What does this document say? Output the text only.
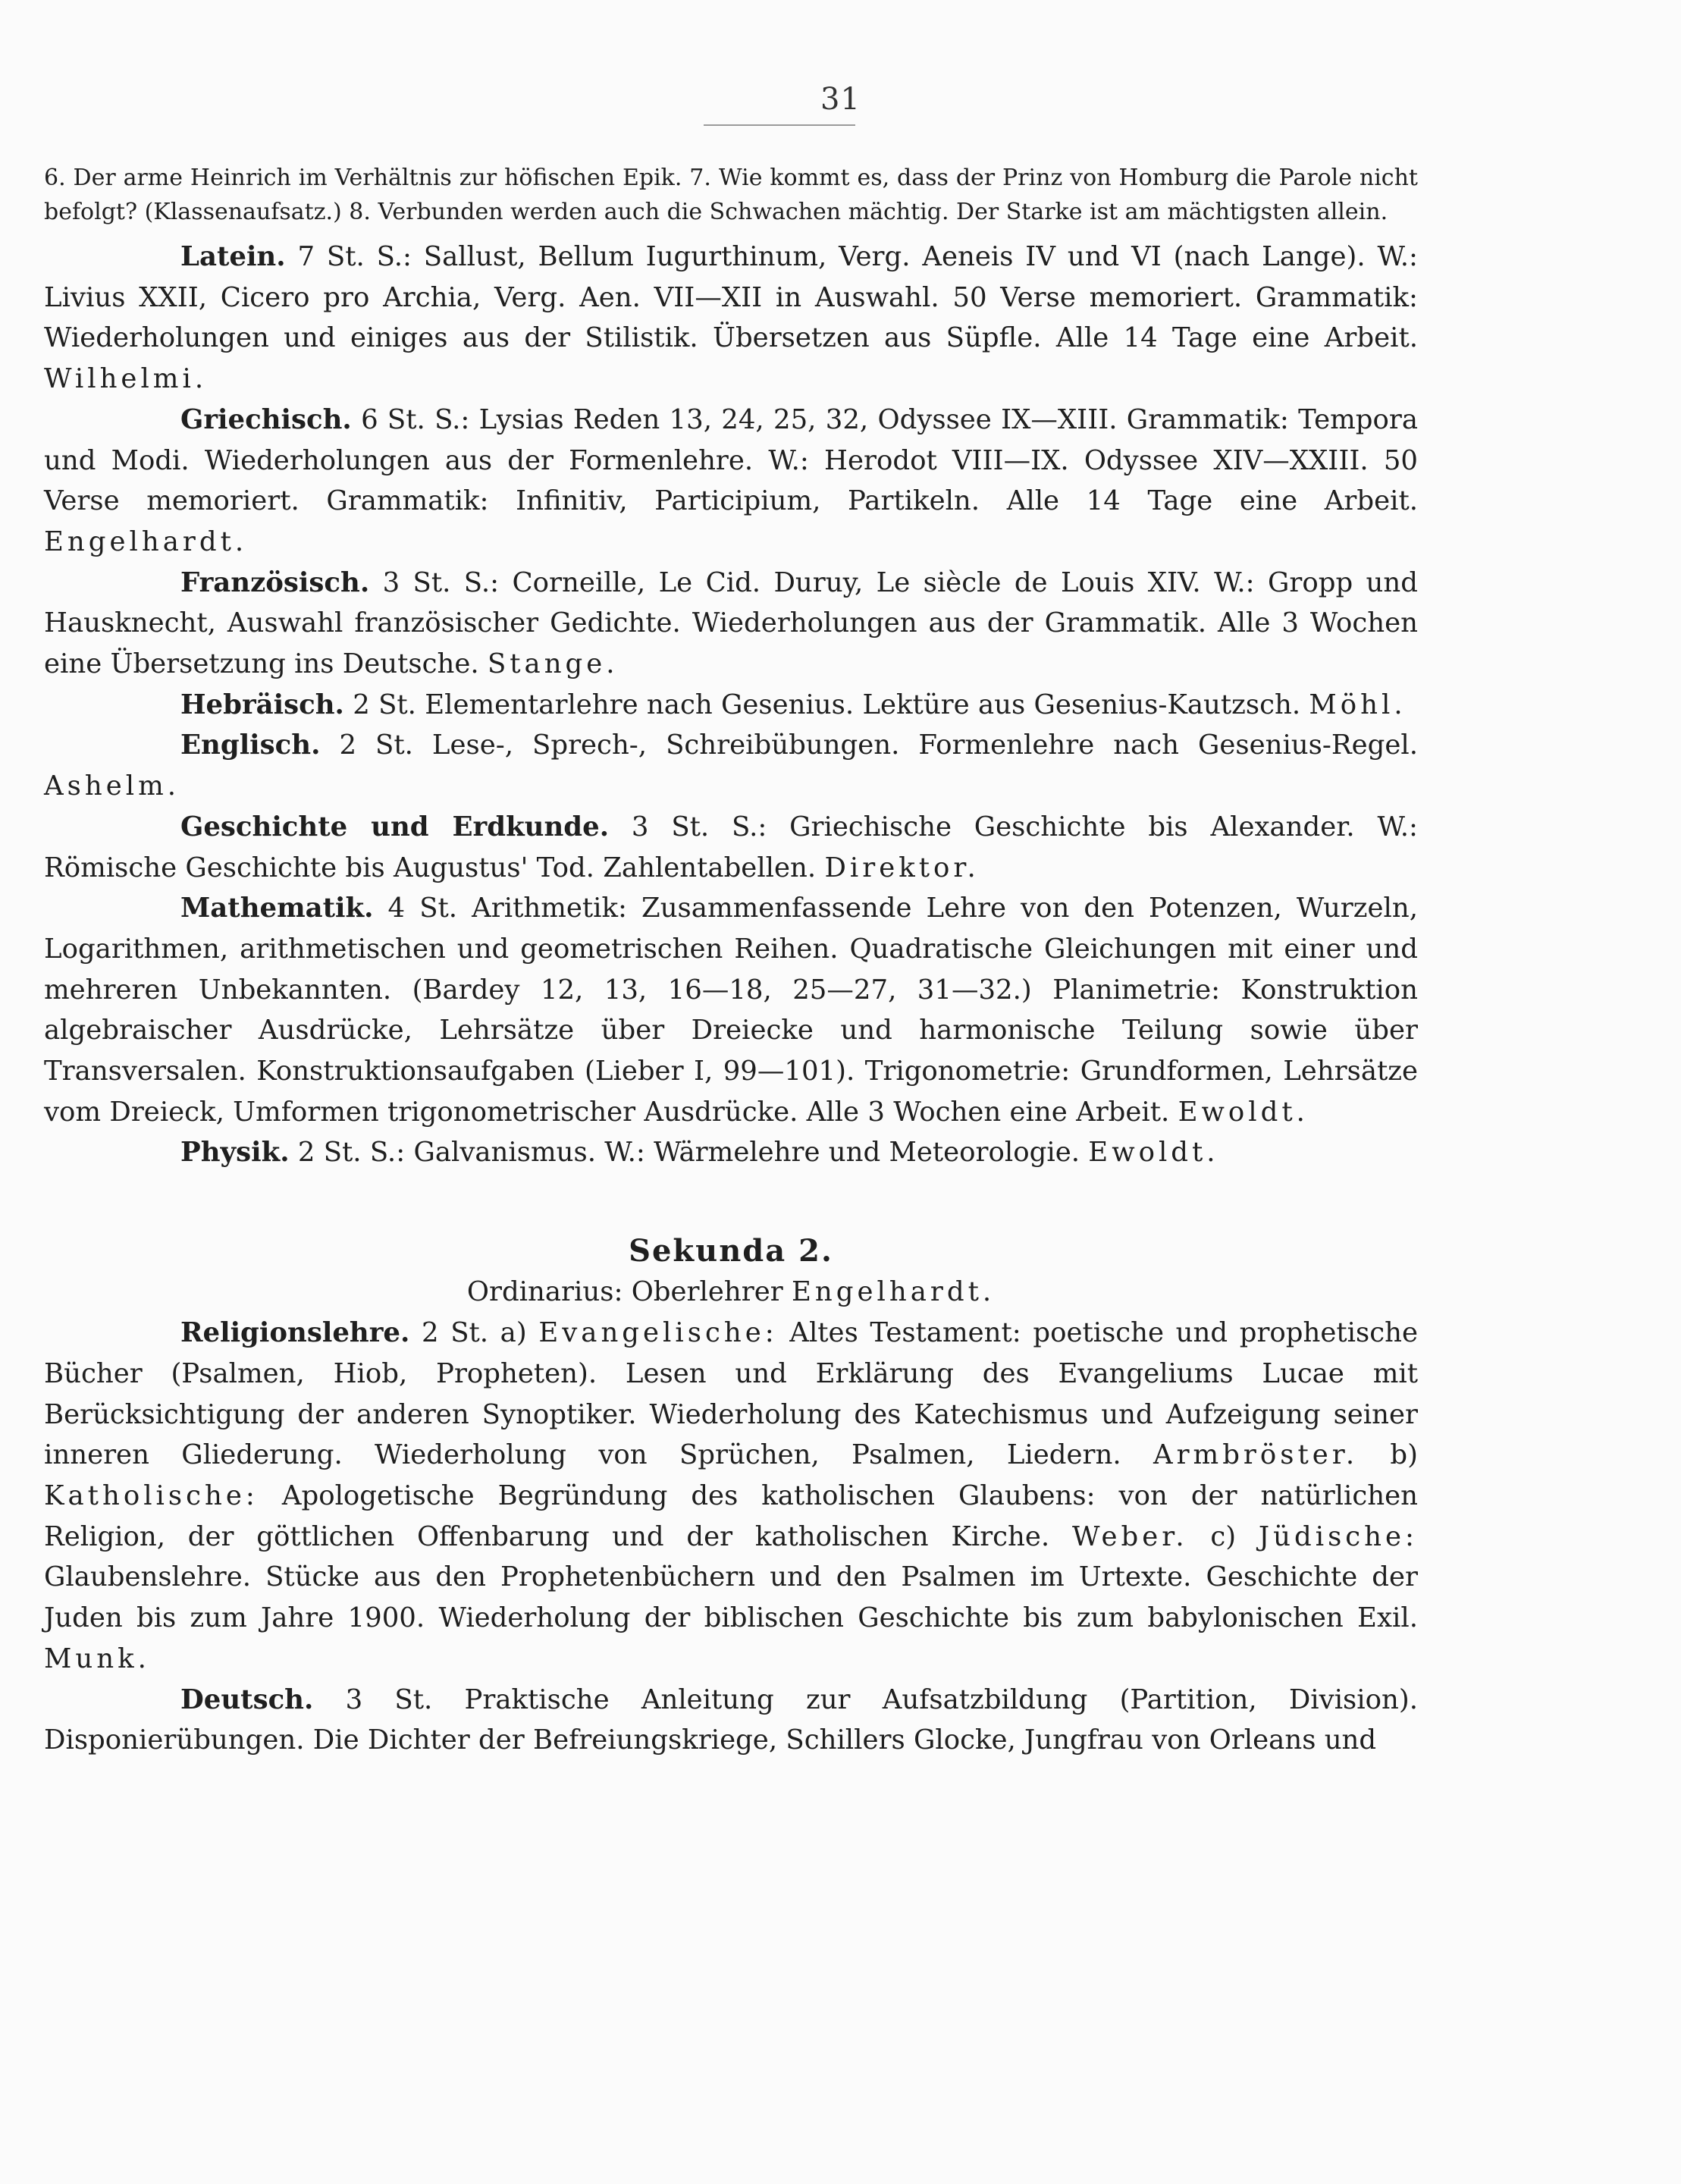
31

6. Der arme Heinrich im Verhältnis zur höfischen Epik. 7. Wie kommt es, dass der Prinz von Homburg die Parole nicht befolgt? (Klassenaufsatz.) 8. Verbunden werden auch die Schwachen mächtig. Der Starke ist am mächtigsten allein.

Latein. 7 St. S.: Sallust, Bellum Iugurthinum, Verg. Aeneis IV und VI (nach Lange). W.: Livius XXII, Cicero pro Archia, Verg. Aen. VII—XII in Auswahl. 50 Verse memoriert. Grammatik: Wiederholungen und einiges aus der Stilistik. Übersetzen aus Süpfle. Alle 14 Tage eine Arbeit. Wilhelmi.

Griechisch. 6 St. S.: Lysias Reden 13, 24, 25, 32, Odyssee IX—XIII. Grammatik: Tempora und Modi. Wiederholungen aus der Formenlehre. W.: Herodot VIII—IX. Odyssee XIV—XXIII. 50 Verse memoriert. Grammatik: Infinitiv, Participium, Partikeln. Alle 14 Tage eine Arbeit. Engelhardt.

Französisch. 3 St. S.: Corneille, Le Cid. Duruy, Le siècle de Louis XIV. W.: Gropp und Hausknecht, Auswahl französischer Gedichte. Wiederholungen aus der Grammatik. Alle 3 Wochen eine Übersetzung ins Deutsche. Stange.

Hebräisch. 2 St. Elementarlehre nach Gesenius. Lektüre aus Gesenius-Kautzsch. Möhl.

Englisch. 2 St. Lese-, Sprech-, Schreibübungen. Formenlehre nach Gesenius-Regel. Ashelm.

Geschichte und Erdkunde. 3 St. S.: Griechische Geschichte bis Alexander. W.: Römische Geschichte bis Augustus' Tod. Zahlentabellen. Direktor.

Mathematik. 4 St. Arithmetik: Zusammenfassende Lehre von den Potenzen, Wurzeln, Logarithmen, arithmetischen und geometrischen Reihen. Quadratische Gleichungen mit einer und mehreren Unbekannten. (Bardey 12, 13, 16—18, 25—27, 31—32.) Planimetrie: Konstruktion algebraischer Ausdrücke, Lehrsätze über Dreiecke und harmonische Teilung sowie über Transversalen. Konstruktionsaufgaben (Lieber I, 99—101). Trigonometrie: Grundformen, Lehrsätze vom Dreieck, Umformen trigonometrischer Ausdrücke. Alle 3 Wochen eine Arbeit. Ewoldt.

Physik. 2 St. S.: Galvanismus. W.: Wärmelehre und Meteorologie. Ewoldt.

Sekunda 2.

Ordinarius: Oberlehrer Engelhardt.

Religionslehre. 2 St. a) Evangelische: Altes Testament: poetische und prophetische Bücher (Psalmen, Hiob, Propheten). Lesen und Erklärung des Evangeliums Lucae mit Berücksichtigung der anderen Synoptiker. Wiederholung des Katechismus und Aufzeigung seiner inneren Gliederung. Wiederholung von Sprüchen, Psalmen, Liedern. Armbröster. b) Katholische: Apologetische Begründung des katholischen Glaubens: von der natürlichen Religion, der göttlichen Offenbarung und der katholischen Kirche. Weber. c) Jüdische: Glaubenslehre. Stücke aus den Prophetenbüchern und den Psalmen im Urtexte. Geschichte der Juden bis zum Jahre 1900. Wiederholung der biblischen Geschichte bis zum babylonischen Exil. Munk.

Deutsch. 3 St. Praktische Anleitung zur Aufsatzbildung (Partition, Division). Disponierübungen. Die Dichter der Befreiungskriege, Schillers Glocke, Jungfrau von Orleans und
